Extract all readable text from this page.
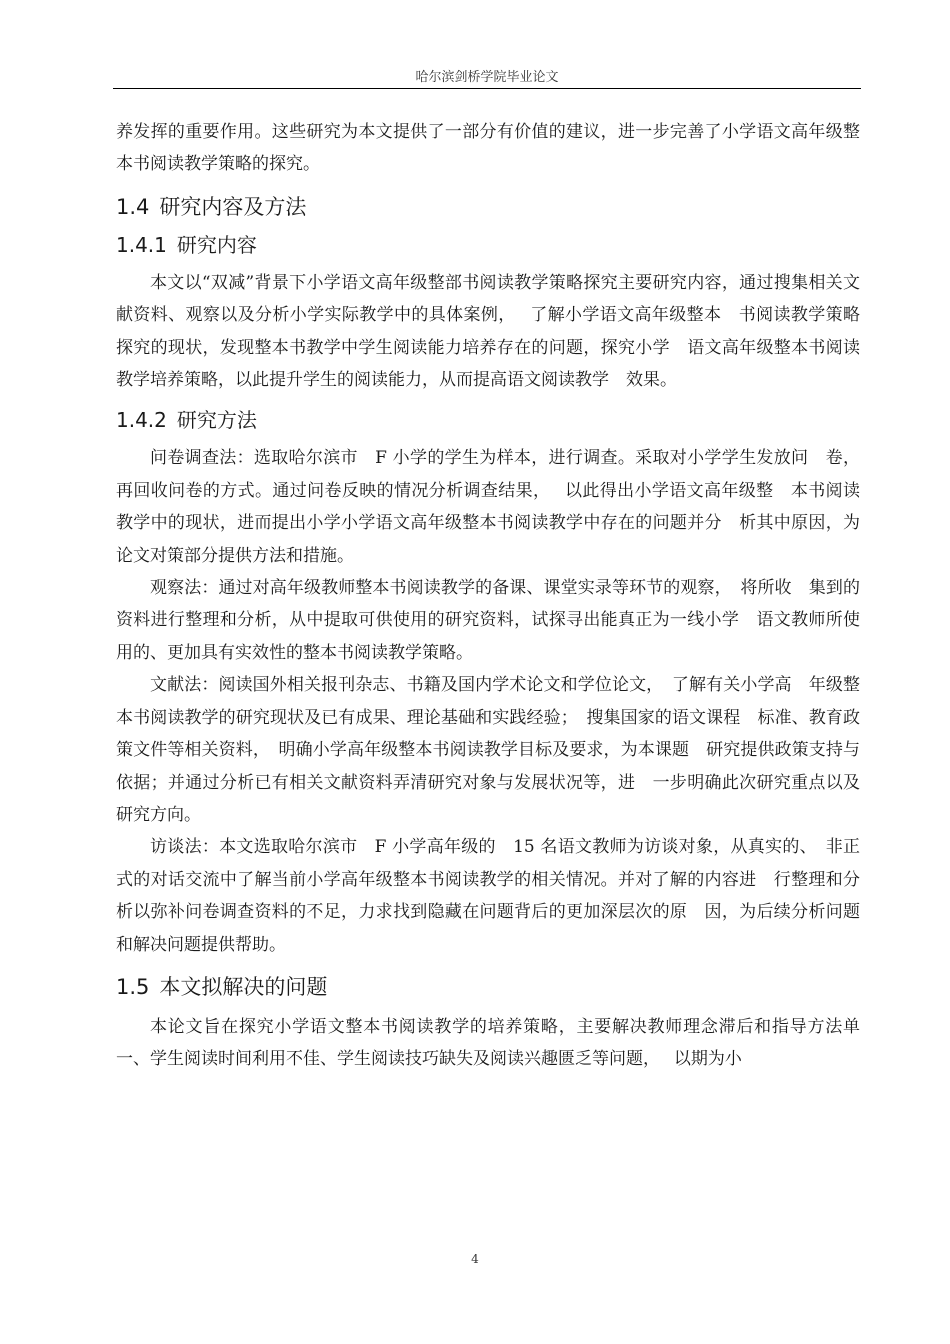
哈尔滨剑桥学院毕业论文

养发挥的重要作用。这些研究为本文提供了一部分有价值的建议，进一步完善了小学语文高年级整本书阅读教学策略的探究。

1.4 研究内容及方法
1.4.1 研究内容

本文以“双减”背景下小学语文高年级整部书阅读教学策略探究主要研究内容，通过搜集相关文献资料、观察以及分析小学实际教学中的具体案例，　 了解小学语文高年级整本　书阅读教学策略探究的现状，发现整本书教学中学生阅读能力培养存在的问题，探究小学　语文高年级整本书阅读教学培养策略，以此提升学生的阅读能力，从而提高语文阅读教学　效果。

1.4.2 研究方法

问卷调查法：选取哈尔滨市　F 小学的学生为样本，进行调查。采取对小学学生发放问　卷，再回收问卷的方式。通过问卷反映的情况分析调查结果，　 以此得出小学语文高年级整　本书阅读教学中的现状，进而提出小学小学语文高年级整本书阅读教学中存在的问题并分　析其中原因，为论文对策部分提供方法和措施。

观察法：通过对高年级教师整本书阅读教学的备课、课堂实录等环节的观察，　将所收　集到的资料进行整理和分析，从中提取可供使用的研究资料，试探寻出能真正为一线小学　语文教师所使用的、更加具有实效性的整本书阅读教学策略。

文献法：阅读国外相关报刊杂志、书籍及国内学术论文和学位论文，　了解有关小学高　年级整本书阅读教学的研究现状及已有成果、理论基础和实践经验；　搜集国家的语文课程　标准、教育政策文件等相关资料，　明确小学高年级整本书阅读教学目标及要求，为本课题　研究提供政策支持与依据；并通过分析已有相关文献资料弄清研究对象与发展状况等，进　一步明确此次研究重点以及研究方向。

访谈法：本文选取哈尔滨市　F 小学高年级的　15 名语文教师为访谈对象，从真实的、　非正式的对话交流中了解当前小学高年级整本书阅读教学的相关情况。并对了解的内容进　行整理和分析以弥补问卷调查资料的不足，力求找到隐藏在问题背后的更加深层次的原　因，为后续分析问题和解决问题提供帮助。

1.5 本文拟解决的问题

本论文旨在探究小学语文整本书阅读教学的培养策略，主要解决教师理念滞后和指导方法单一、学生阅读时间利用不佳、学生阅读技巧缺失及阅读兴趣匮乏等问题，　 以期为小

4
